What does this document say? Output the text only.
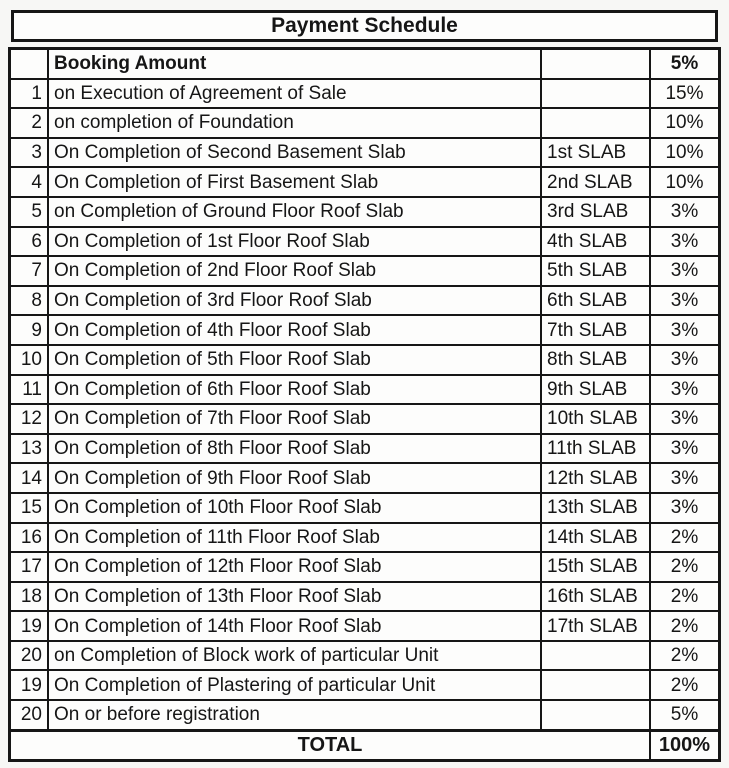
Payment Schedule
	Booking Amount		5%
1	on Execution of Agreement of Sale		15%
2	on completion of Foundation		10%
3	On Completion of Second Basement Slab	1st SLAB	10%
4	On Completion of First Basement Slab	2nd SLAB	10%
5	on Completion of Ground Floor Roof Slab	3rd SLAB	3%
6	On Completion of 1st Floor Roof Slab	4th SLAB	3%
7	On Completion of 2nd Floor Roof Slab	5th SLAB	3%
8	On Completion of 3rd Floor Roof Slab	6th SLAB	3%
9	On Completion of 4th Floor Roof Slab	7th SLAB	3%
10	On Completion of 5th Floor Roof Slab	8th SLAB	3%
11	On Completion of 6th Floor Roof Slab	9th SLAB	3%
12	On Completion of 7th Floor Roof Slab	10th SLAB	3%
13	On Completion of 8th Floor Roof Slab	11th SLAB	3%
14	On Completion of 9th Floor Roof Slab	12th SLAB	3%
15	On Completion of 10th Floor Roof Slab	13th SLAB	3%
16	On Completion of 11th Floor Roof Slab	14th SLAB	2%
17	On Completion of 12th Floor Roof Slab	15th SLAB	2%
18	On Completion of 13th Floor Roof Slab	16th SLAB	2%
19	On Completion of 14th Floor Roof Slab	17th SLAB	2%
20	on Completion of Block work of particular Unit		2%
19	On Completion of Plastering of particular Unit		2%
20	On or before registration		5%
TOTAL			100%
